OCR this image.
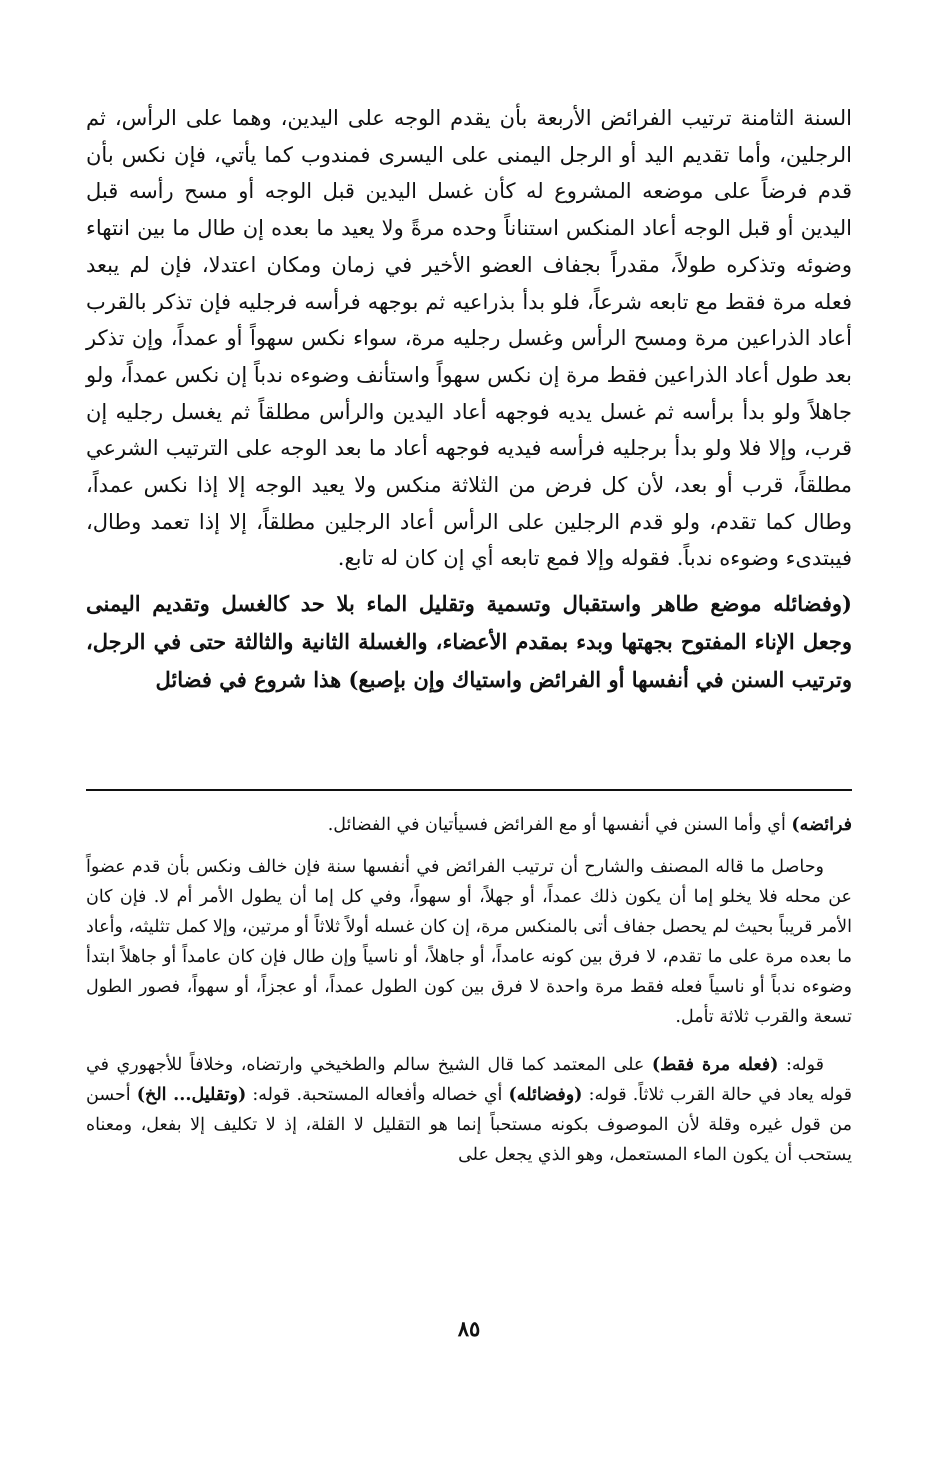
السنة الثامنة ترتيب الفرائض الأربعة بأن يقدم الوجه على اليدين، وهما على الرأس، ثم الرجلين، وأما تقديم اليد أو الرجل اليمنى على اليسرى فمندوب كما يأتي، فإن نكس بأن قدم فرضاً على موضعه المشروع له كأن غسل اليدين قبل الوجه أو مسح رأسه قبل اليدين أو قبل الوجه أعاد المنكس استناناً وحده مرةً ولا يعيد ما بعده إن طال ما بين انتهاء وضوئه وتذكره طولاً، مقدراً بجفاف العضو الأخير في زمان ومكان اعتدلا، فإن لم يبعد فعله مرة فقط مع تابعه شرعاً، فلو بدأ بذراعيه ثم بوجهه فرأسه فرجليه فإن تذكر بالقرب أعاد الذراعين مرة ومسح الرأس وغسل رجليه مرة، سواء نكس سهواً أو عمداً، وإن تذكر بعد طول أعاد الذراعين فقط مرة إن نكس سهواً واستأنف وضوءه ندباً إن نكس عمداً، ولو جاهلاً ولو بدأ برأسه ثم غسل يديه فوجهه أعاد اليدين والرأس مطلقاً ثم يغسل رجليه إن قرب، وإلا فلا ولو بدأ برجليه فرأسه فيديه فوجهه أعاد ما بعد الوجه على الترتيب الشرعي مطلقاً، قرب أو بعد، لأن كل فرض من الثلاثة منكس ولا يعيد الوجه إلا إذا نكس عمداً، وطال كما تقدم، ولو قدم الرجلين على الرأس أعاد الرجلين مطلقاً، إلا إذا تعمد وطال، فيبتدىء وضوءه ندباً. فقوله وإلا فمع تابعه أي إن كان له تابع.

(وفضائله موضع طاهر واستقبال وتسمية وتقليل الماء بلا حد كالغسل وتقديم اليمنى وجعل الإناء المفتوح بجهتها وبدء بمقدم الأعضاء، والغسلة الثانية والثالثة حتى في الرجل، وترتيب السنن في أنفسها أو الفرائض واستياك وإن بإصبع) هذا شروع في فضائل

فرائضه) أي وأما السنن في أنفسها أو مع الفرائض فسيأتيان في الفضائل.

وحاصل ما قاله المصنف والشارح أن ترتيب الفرائض في أنفسها سنة فإن خالف ونكس بأن قدم عضواً عن محله فلا يخلو إما أن يكون ذلك عمداً، أو جهلاً، أو سهواً، وفي كل إما أن يطول الأمر أم لا. فإن كان الأمر قريباً بحيث لم يحصل جفاف أتى بالمنكس مرة، إن كان غسله أولاً ثلاثاً أو مرتين، وإلا كمل تثليثه، وأعاد ما بعده مرة على ما تقدم، لا فرق بين كونه عامداً، أو جاهلاً، أو ناسياً وإن طال فإن كان عامداً أو جاهلاً ابتدأ وضوءه ندباً أو ناسياً فعله فقط مرة واحدة لا فرق بين كون الطول عمداً، أو عجزاً، أو سهواً، فصور الطول تسعة والقرب ثلاثة تأمل.

قوله: (فعله مرة فقط) على المعتمد كما قال الشيخ سالم والطخيخي وارتضاه، وخلافاً للأجهوري في قوله يعاد في حالة القرب ثلاثاً. قوله: (وفضائله) أي خصاله وأفعاله المستحبة. قوله: (وتقليل... الخ) أحسن من قول غيره وقلة لأن الموصوف بكونه مستحباً إنما هو التقليل لا القلة، إذ لا تكليف إلا بفعل، ومعناه يستحب أن يكون الماء المستعمل، وهو الذي يجعل على

٨٥
